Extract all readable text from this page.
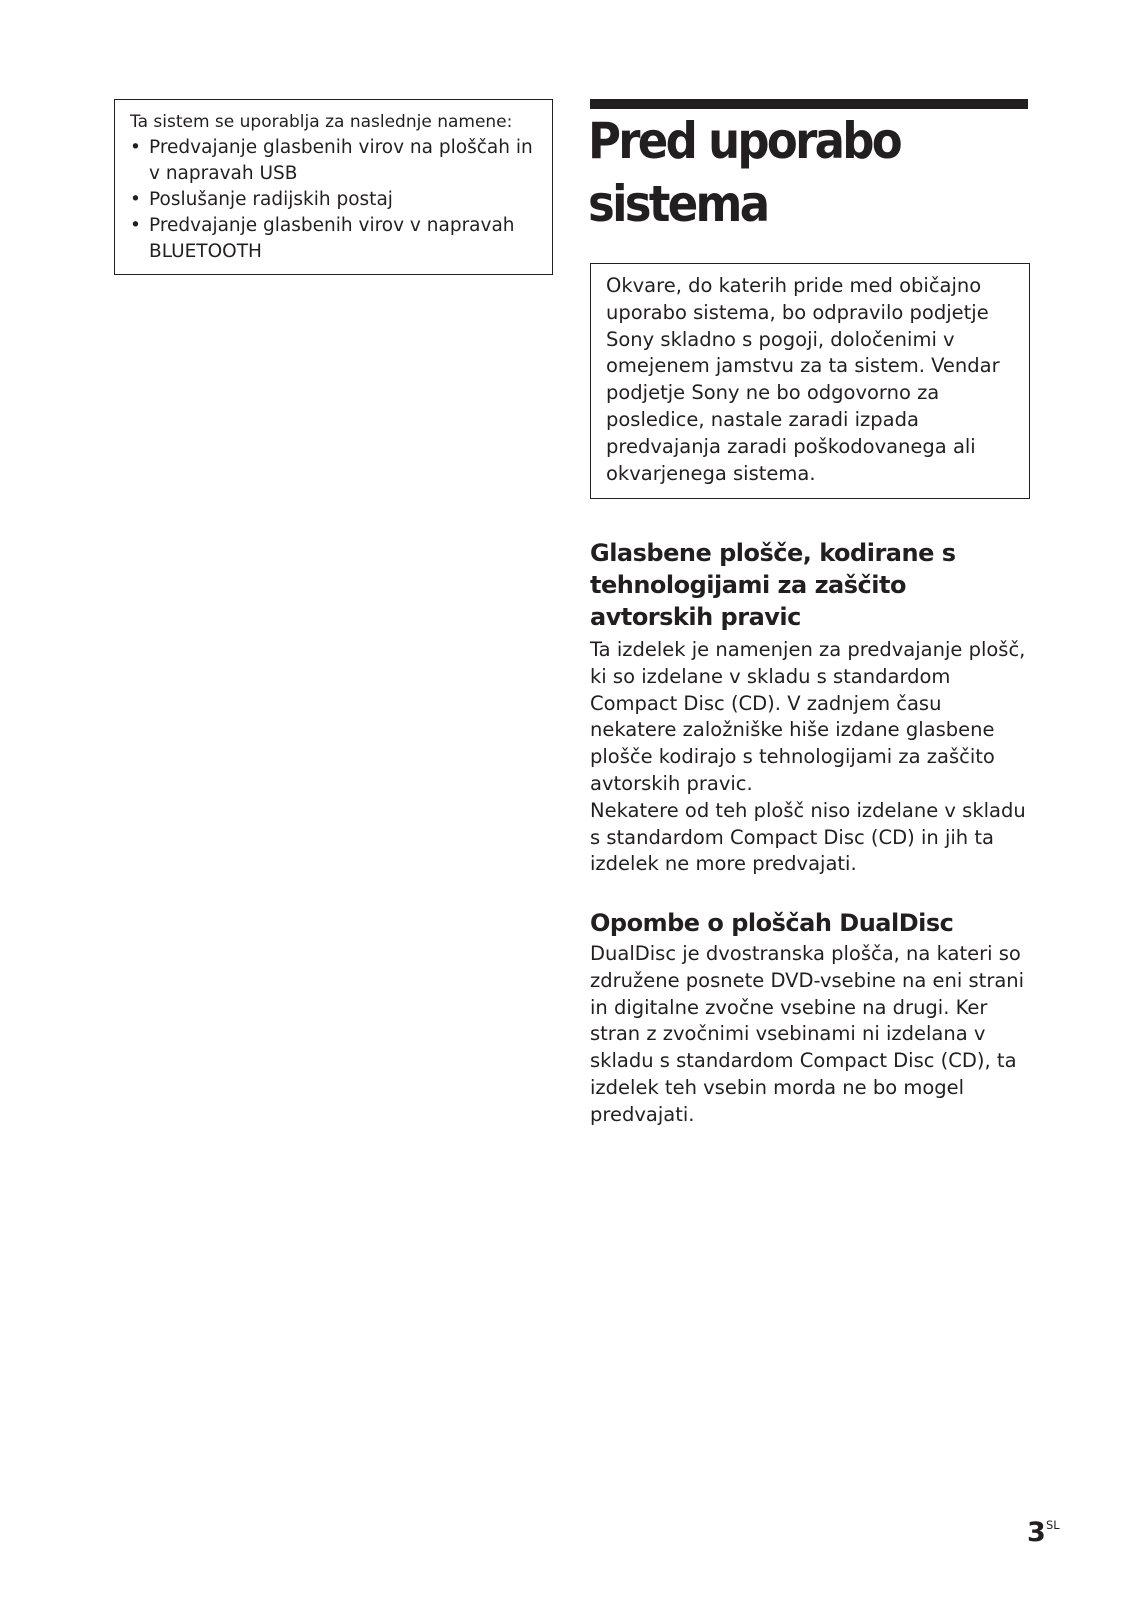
Ta sistem se uporablja za naslednje namene:

• Predvajanje glasbenih virov na ploščah in v napravah USB
• Poslušanje radijskih postaj
• Predvajanje glasbenih virov v napravah BLUETOOTH
Pred uporabo
sistema
Okvare, do katerih pride med običajno uporabo sistema, bo odpravilo podjetje Sony skladno s pogoji, določenimi v omejenem jamstvu za ta sistem. Vendar podjetje Sony ne bo odgovorno za posledice, nastale zaradi izpada predvajanja zaradi poškodovanega ali okvarjenega sistema.
Glasbene plošče, kodirane s tehnologijami za zaščito avtorskih pravic

Ta izdelek je namenjen za predvajanje plošč, ki so izdelane v skladu s standardom Compact Disc (CD). V zadnjem času nekatere založniške hiše izdane glasbene plošče kodirajo s tehnologijami za zaščito avtorskih pravic.

Nekatere od teh plošč niso izdelane v skladu s standardom Compact Disc (CD) in jih ta izdelek ne more predvajati.

Opombe o ploščah DualDisc

DualDisc je dvostranska plošča, na kateri so združene posnete DVD-vsebine na eni strani in digitalne zvočne vsebine na drugi. Ker stran z zvočnimi vsebinami ni izdelana v skladu s standardom Compact Disc (CD), ta izdelek teh vsebin morda ne bo mogel predvajati.

3 SL
